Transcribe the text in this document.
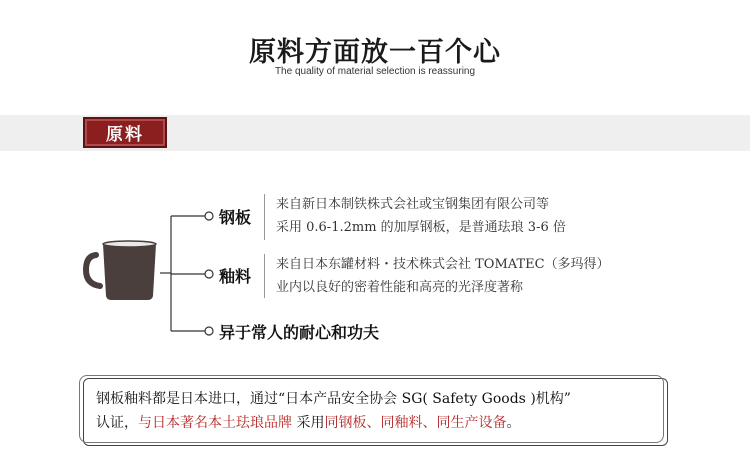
原料方面放一百个心
The quality of material selection is reassuring
原料
钢板
来自新日本制铁株式会社或宝钢集团有限公司等
采用 0.6-1.2mm 的加厚钢板，是普通珐琅 3-6 倍
釉料
来自日本东罐材料・技术株式会社 TOMATEC（多玛得）
业内以良好的密着性能和高亮的光泽度著称
异于常人的耐心和功夫
钢板釉料都是日本进口，通过“日本产品安全协会 SG( Safety Goods )机构”
认证，与日本著名本土珐琅品牌 采用同钢板、同釉料、同生产设备。
